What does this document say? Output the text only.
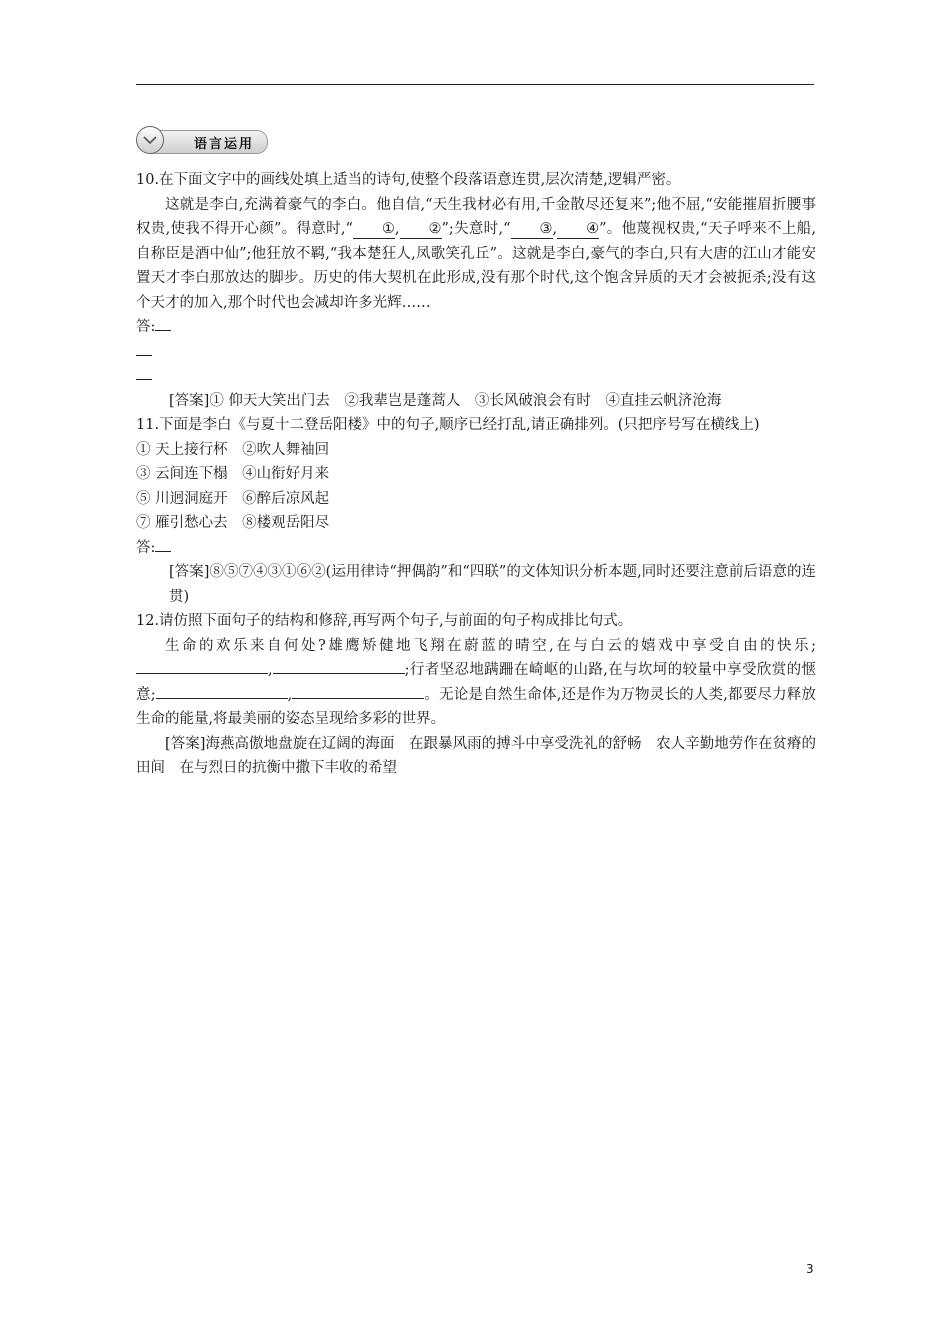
语言运用

10.在下面文字中的画线处填上适当的诗句,使整个段落语意连贯,层次清楚,逻辑严密。

这就是李白,充满着豪气的李白。他自信,“天生我材必有用,千金散尽还复来”;他不屈,“安能摧眉折腰事权贵,使我不得开心颜”。得意时,“ ①, ②”;失意时,“ ③, ④”。他蔑视权贵,“天子呼来不上船,自称臣是酒中仙”;他狂放不羁,“我本楚狂人,凤歌笑孔丘”。这就是李白,豪气的李白,只有大唐的江山才能安置天才李白那放达的脚步。历史的伟大契机在此形成,没有那个时代,这个饱含异质的天才会被扼杀;没有这个天才的加入,那个时代也会减却许多光辉……

答:

[答案]① 仰天大笑出门去　②我辈岂是蓬蒿人　③长风破浪会有时　④直挂云帆济沧海

11.下面是李白《与夏十二登岳阳楼》中的句子,顺序已经打乱,请正确排列。(只把序号写在横线上)

① 天上接行杯　②吹人舞袖回

③ 云间连下榻　④山衔好月来

⑤ 川迥洞庭开　⑥醉后凉风起

⑦ 雁引愁心去　⑧楼观岳阳尽

答:

[答案]⑧⑤⑦④③①⑥②(运用律诗“押偶韵”和“四联”的文体知识分析本题,同时还要注意前后语意的连贯)

12.请仿照下面句子的结构和修辞,再写两个句子,与前面的句子构成排比句式。

生命的欢乐来自何处?雄鹰矫健地飞翔在蔚蓝的晴空,在与白云的嬉戏中享受自由的快乐;,	;行者坚忍地蹒跚在崎岖的山路,在与坎坷的较量中享受欣赏的惬意;	,	。无论是自然生命体,还是作为万物灵长的人类,都要尽力释放生命的能量,将最美丽的姿态呈现给多彩的世界。

[答案]海燕高傲地盘旋在辽阔的海面　在跟暴风雨的搏斗中享受洗礼的舒畅　农人辛勤地劳作在贫瘠的田间　在与烈日的抗衡中撒下丰收的希望

3
